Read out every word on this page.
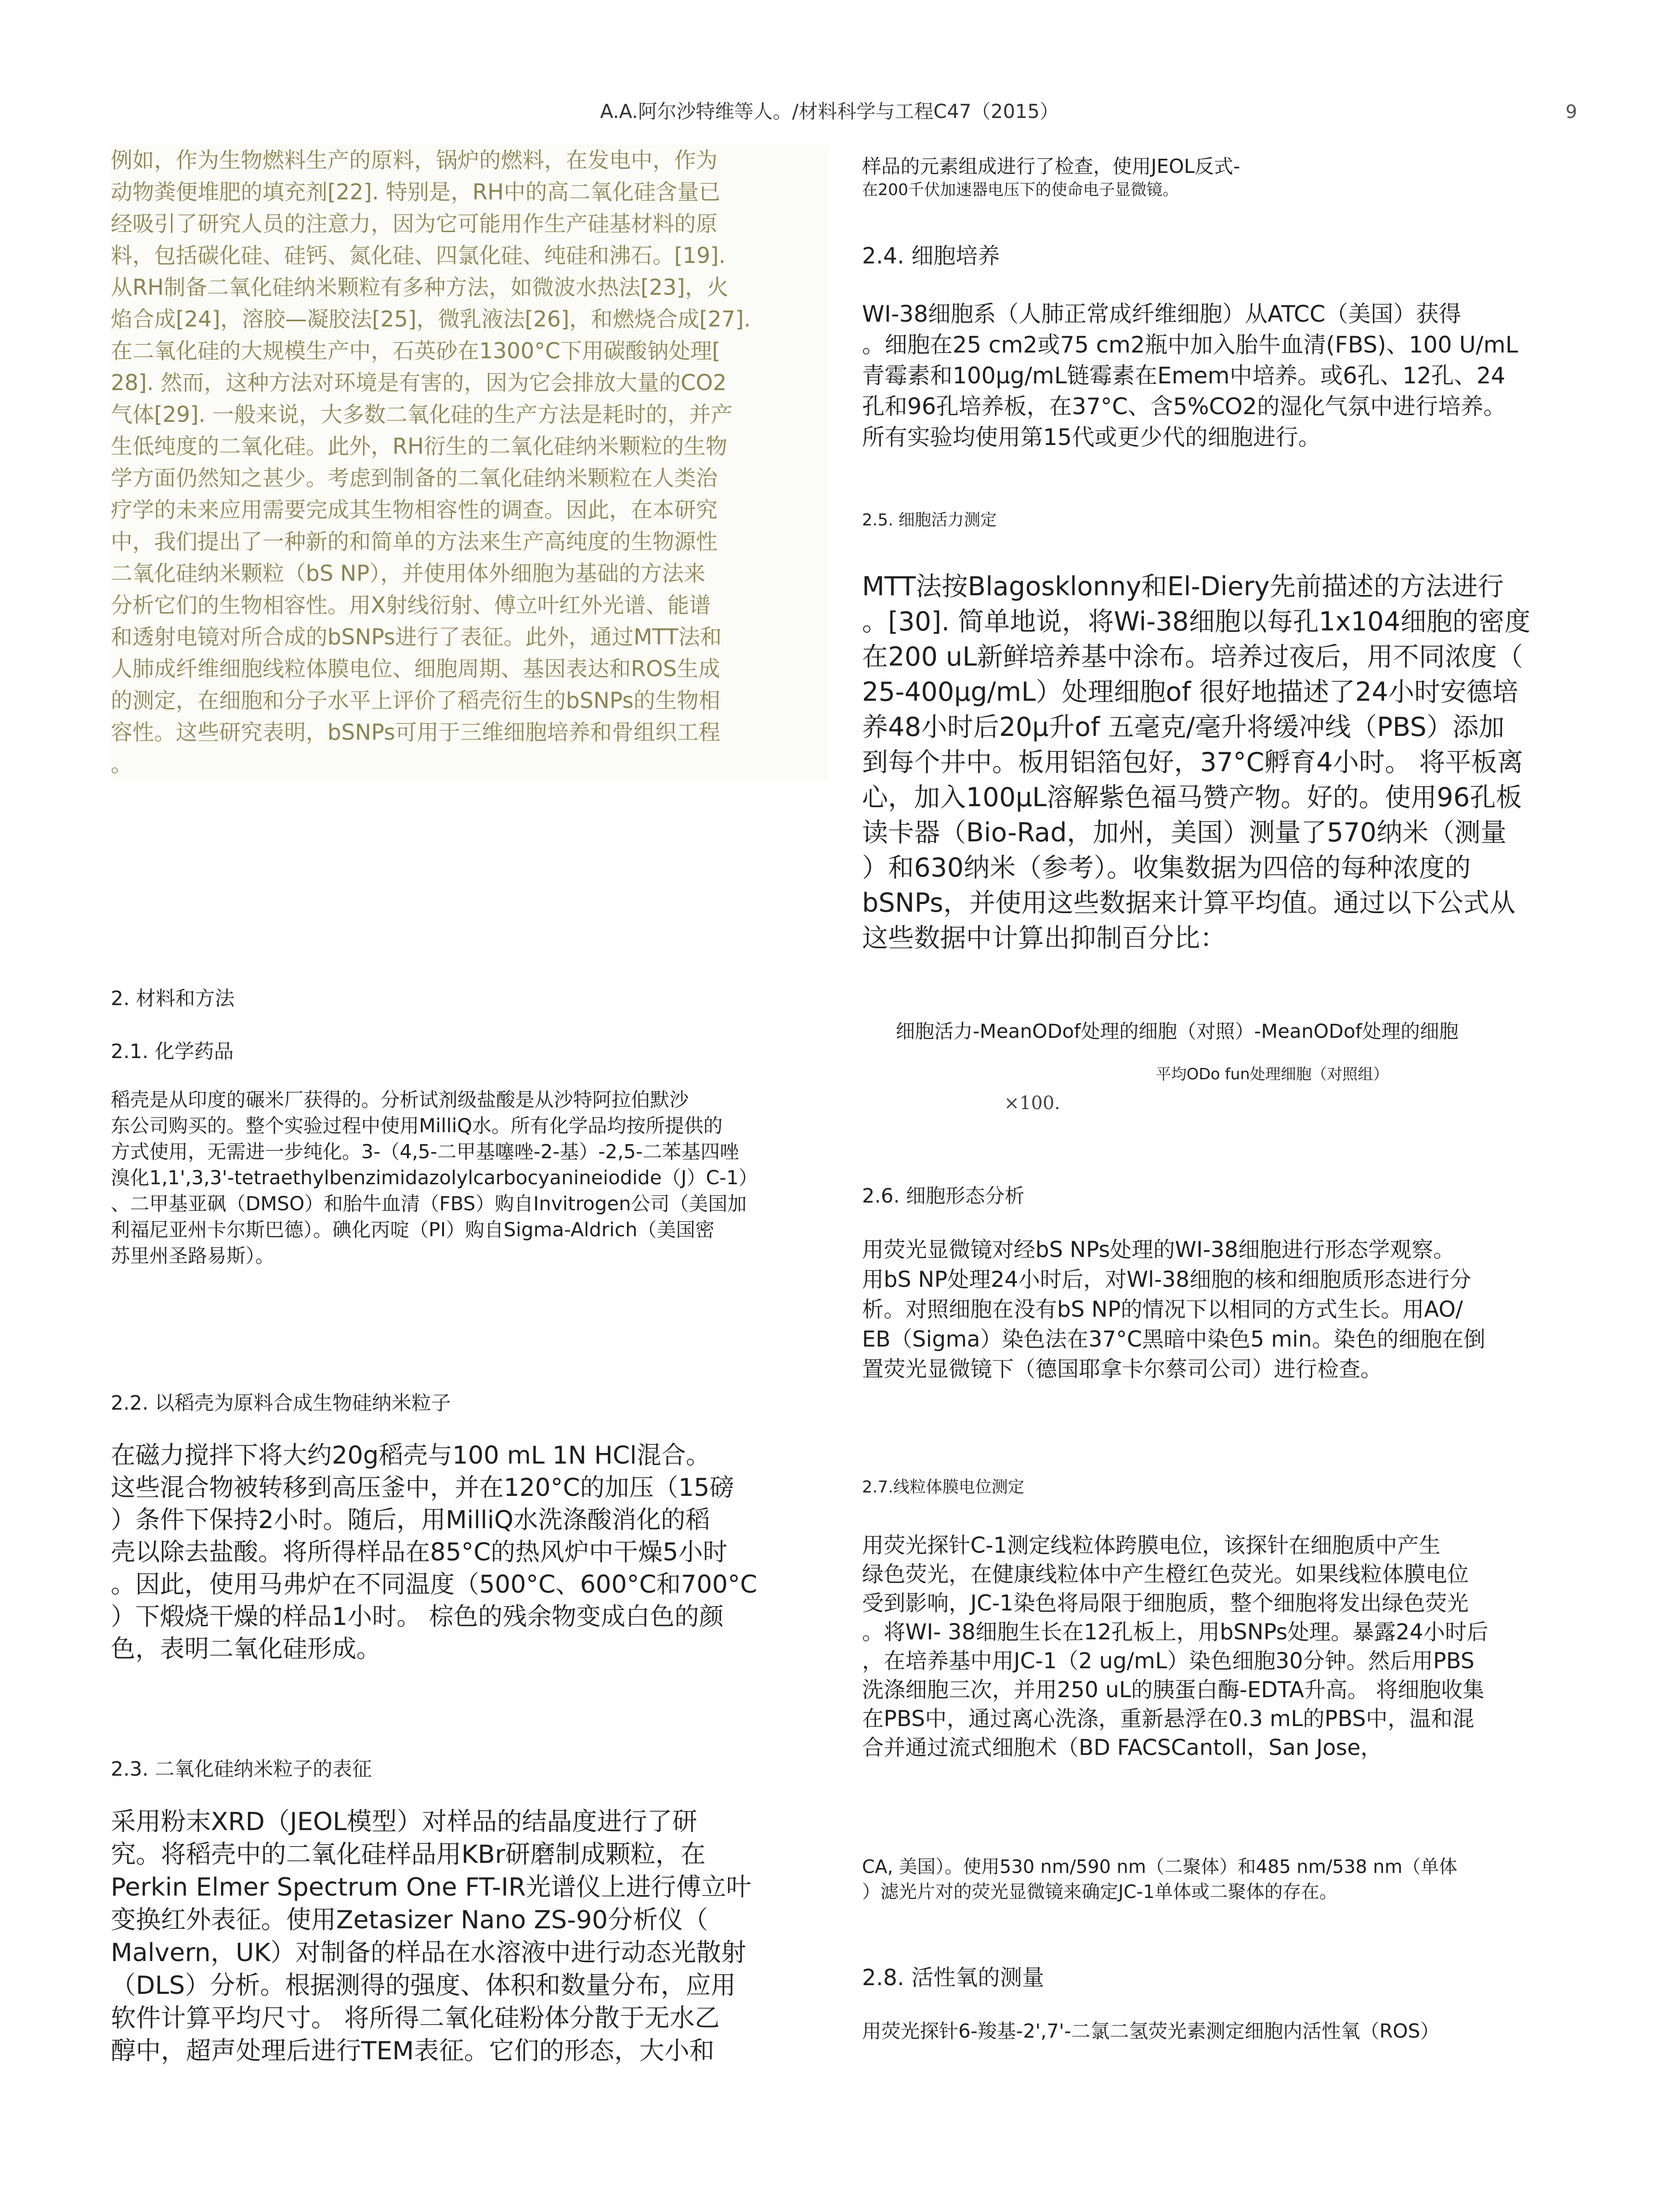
A.A.阿尔沙特维等人。/材料科学与工程C47（2015）	9

例如，作为生物燃料生产的原料，锅炉的燃料，在发电中，作为
动物粪便堆肥的填充剂[22]. 特别是，RH中的高二氧化硅含量已
经吸引了研究人员的注意力，因为它可能用作生产硅基材料的原
料，包括碳化硅、硅钙、氮化硅、四氯化硅、纯硅和沸石。[19].
从RH制备二氧化硅纳米颗粒有多种方法，如微波水热法[23]，火
焰合成[24]，溶胶—凝胶法[25]，微乳液法[26]，和燃烧合成[27].
在二氧化硅的大规模生产中，石英砂在1300°C下用碳酸钠处理[
28]. 然而，这种方法对环境是有害的，因为它会排放大量的CO2
气体[29]. 一般来说，大多数二氧化硅的生产方法是耗时的，并产
生低纯度的二氧化硅。此外，RH衍生的二氧化硅纳米颗粒的生物
学方面仍然知之甚少。考虑到制备的二氧化硅纳米颗粒在人类治
疗学的未来应用需要完成其生物相容性的调查。因此，在本研究
中，我们提出了一种新的和简单的方法来生产高纯度的生物源性
二氧化硅纳米颗粒（bS NP），并使用体外细胞为基础的方法来
分析它们的生物相容性。用X射线衍射、傅立叶红外光谱、能谱
和透射电镜对所合成的bSNPs进行了表征。此外，通过MTT法和
人肺成纤维细胞线粒体膜电位、细胞周期、基因表达和ROS生成
的测定，在细胞和分子水平上评价了稻壳衍生的bSNPs的生物相
容性。这些研究表明，bSNPs可用于三维细胞培养和骨组织工程
。

2. 材料和方法

2.1. 化学药品

稻壳是从印度的碾米厂获得的。分析试剂级盐酸是从沙特阿拉伯默沙
东公司购买的。整个实验过程中使用MilliQ水。所有化学品均按所提供的
方式使用，无需进一步纯化。3-（4,5-二甲基噻唑-2-基）-2,5-二苯基四唑
溴化1,1',3,3'-tetraethylbenzimidazolylcarbocyanineiodide（J）C-1）
、二甲基亚砜（DMSO）和胎牛血清（FBS）购自Invitrogen公司（美国加
利福尼亚州卡尔斯巴德）。碘化丙啶（PI）购自Sigma-Aldrich（美国密
苏里州圣路易斯）。

2.2. 以稻壳为原料合成生物硅纳米粒子

在磁力搅拌下将大约20g稻壳与100 mL 1N HCl混合。
这些混合物被转移到高压釜中，并在120°C的加压（15磅
）条件下保持2小时。随后，用MilliQ水洗涤酸消化的稻
壳以除去盐酸。将所得样品在85°C的热风炉中干燥5小时
。因此，使用马弗炉在不同温度（500°C、600°C和700°C
）下煅烧干燥的样品1小时。 棕色的残余物变成白色的颜
色，表明二氧化硅形成。

2.3. 二氧化硅纳米粒子的表征

采用粉末XRD（JEOL模型）对样品的结晶度进行了研
究。将稻壳中的二氧化硅样品用KBr研磨制成颗粒，在
Perkin Elmer Spectrum One FT-IR光谱仪上进行傅立叶
变换红外表征。使用Zetasizer Nano ZS-90分析仪（
Malvern，UK）对制备的样品在水溶液中进行动态光散射
（DLS）分析。根据测得的强度、体积和数量分布，应用
软件计算平均尺寸。 将所得二氧化硅粉体分散于无水乙
醇中，超声处理后进行TEM表征。它们的形态，大小和

样品的元素组成进行了检查，使用JEOL反式-

在200千伏加速器电压下的使命电子显微镜。

2.4. 细胞培养

WI-38细胞系（人肺正常成纤维细胞）从ATCC（美国）获得
。细胞在25 cm2或75 cm2瓶中加入胎牛血清(FBS)、100 U/mL
青霉素和100μg/mL链霉素在Emem中培养。或6孔、12孔、24
孔和96孔培养板，在37°C、含5%CO2的湿化气氛中进行培养。
所有实验均使用第15代或更少代的细胞进行。

2.5. 细胞活力测定

MTT法按Blagosklonny和El-Diery先前描述的方法进行
。[30]. 简单地说，将Wi-38细胞以每孔1x104细胞的密度
在200 uL新鲜培养基中涂布。培养过夜后，用不同浓度（
25-400μg/mL）处理细胞of 很好地描述了24小时安德培
养48小时后20μ升of 五毫克/毫升将缓冲线（PBS）添加
到每个井中。板用铝箔包好，37°C孵育4小时。 将平板离
心，加入100μL溶解紫色福马赞产物。好的。使用96孔板
读卡器（Bio-Rad，加州，美国）测量了570纳米（测量
）和630纳米（参考）。收集数据为四倍的每种浓度的
bSNPs，并使用这些数据来计算平均值。通过以下公式从
这些数据中计算出抑制百分比：

细胞活力-MeanODof处理的细胞（对照）-MeanODof处理的细胞

平均ODo fun处理细胞（对照组）

×100.

2.6. 细胞形态分析

用荧光显微镜对经bS NPs处理的WI-38细胞进行形态学观察。
用bS NP处理24小时后，对Wl-38细胞的核和细胞质形态进行分
析。对照细胞在没有bS NP的情况下以相同的方式生长。用AO/
EB（Sigma）染色法在37°C黑暗中染色5 min。染色的细胞在倒
置荧光显微镜下（德国耶拿卡尔蔡司公司）进行检查。

2.7.线粒体膜电位测定

用荧光探针C-1测定线粒体跨膜电位，该探针在细胞质中产生
绿色荧光，在健康线粒体中产生橙红色荧光。如果线粒体膜电位
受到影响，JC-1染色将局限于细胞质，整个细胞将发出绿色荧光
。将WI- 38细胞生长在12孔板上，用bSNPs处理。暴露24小时后
，在培养基中用JC-1（2 ug/mL）染色细胞30分钟。然后用PBS
洗涤细胞三次，并用250 uL的胰蛋白酶-EDTA升高。 将细胞收集
在PBS中，通过离心洗涤，重新悬浮在0.3 mL的PBS中，温和混
合并通过流式细胞术（BD FACSCantoll，San Jose，

CA, 美国）。使用530 nm/590 nm（二聚体）和485 nm/538 nm（单体
）滤光片对的荧光显微镜来确定JC-1单体或二聚体的存在。

2.8. 活性氧的测量

用荧光探针6-羧基-2',7'-二氯二氢荧光素测定细胞内活性氧（ROS）
